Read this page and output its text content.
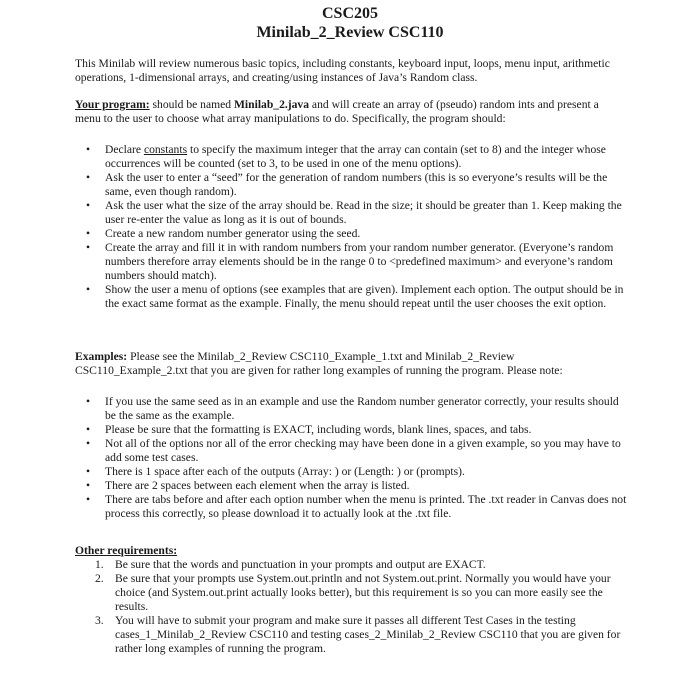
CSC205
Minilab_2_Review CSC110

This Minilab will review numerous basic topics, including constants, keyboard input, loops, menu input, arithmetic operations, 1-dimensional arrays, and creating/using instances of Java’s Random class.

Your program: should be named Minilab_2.java and will create an array of (pseudo) random ints and present a menu to the user to choose what array manipulations to do. Specifically, the program should:

• Declare constants to specify the maximum integer that the array can contain (set to 8) and the integer whose occurrences will be counted (set to 3, to be used in one of the menu options).
• Ask the user to enter a “seed” for the generation of random numbers (this is so everyone’s results will be the same, even though random).
• Ask the user what the size of the array should be. Read in the size; it should be greater than 1. Keep making the user re-enter the value as long as it is out of bounds.
• Create a new random number generator using the seed.
• Create the array and fill it in with random numbers from your random number generator. (Everyone’s random numbers therefore array elements should be in the range 0 to <predefined maximum> and everyone’s random numbers should match).
• Show the user a menu of options (see examples that are given). Implement each option. The output should be in the exact same format as the example. Finally, the menu should repeat until the user chooses the exit option.

Examples: Please see the Minilab_2_Review CSC110_Example_1.txt and Minilab_2_Review CSC110_Example_2.txt that you are given for rather long examples of running the program. Please note:

• If you use the same seed as in an example and use the Random number generator correctly, your results should be the same as the example.
• Please be sure that the formatting is EXACT, including words, blank lines, spaces, and tabs.
• Not all of the options nor all of the error checking may have been done in a given example, so you may have to add some test cases.
• There is 1 space after each of the outputs (Array: ) or (Length: ) or (prompts).
• There are 2 spaces between each element when the array is listed.
• There are tabs before and after each option number when the menu is printed. The .txt reader in Canvas does not process this correctly, so please download it to actually look at the .txt file.

Other requirements:

1. Be sure that the words and punctuation in your prompts and output are EXACT.
2. Be sure that your prompts use System.out.println and not System.out.print. Normally you would have your choice (and System.out.print actually looks better), but this requirement is so you can more easily see the results.
3. You will have to submit your program and make sure it passes all different Test Cases in the testing cases_1_Minilab_2_Review CSC110 and testing cases_2_Minilab_2_Review CSC110 that you are given for rather long examples of running the program.
